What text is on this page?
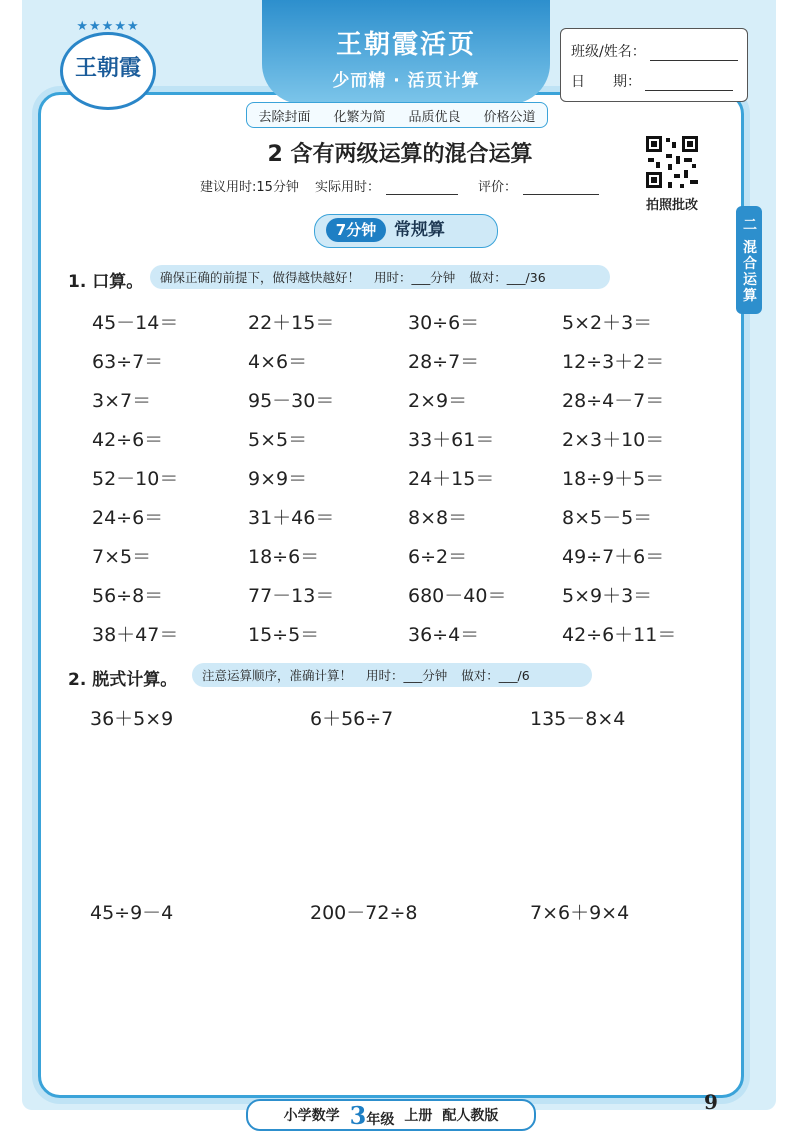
王朝霞活页
少而精 · 活页计算
★★★★★
王朝霞
去除封面 化繁为简 品质优良 价格公道
班级/姓名：
日　　期：
2 含有两级运算的混合运算
建议用时:15分钟 实际用时：	评价：
拍照批改
二 混合运算
7分钟	常规算
1. 口算。 确保正确的前提下，做得越快越好！ 用时：___分钟 做对：___/36
2. 脱式计算。 注意运算顺序，准确计算！ 用时：___分钟 做对：___/6
小学数学 3年级 上册 配人教版
9
45－14＝	22＋15＝	30÷6＝	5×2＋3＝
63÷7＝	4×6＝	28÷7＝	12÷3＋2＝
3×7＝	95－30＝	2×9＝	28÷4－7＝
42÷6＝	5×5＝	33＋61＝	2×3＋10＝
52－10＝	9×9＝	24＋15＝	18÷9＋5＝
24÷6＝	31＋46＝	8×8＝	8×5－5＝
7×5＝	18÷6＝	6÷2＝	49÷7＋6＝
56÷8＝	77－13＝	680－40＝	5×9＋3＝
38＋47＝	15÷5＝	36÷4＝	42÷6＋11＝
36＋5×9	6＋56÷7	135－8×4
45÷9－4	200－72÷8	7×6＋9×4
